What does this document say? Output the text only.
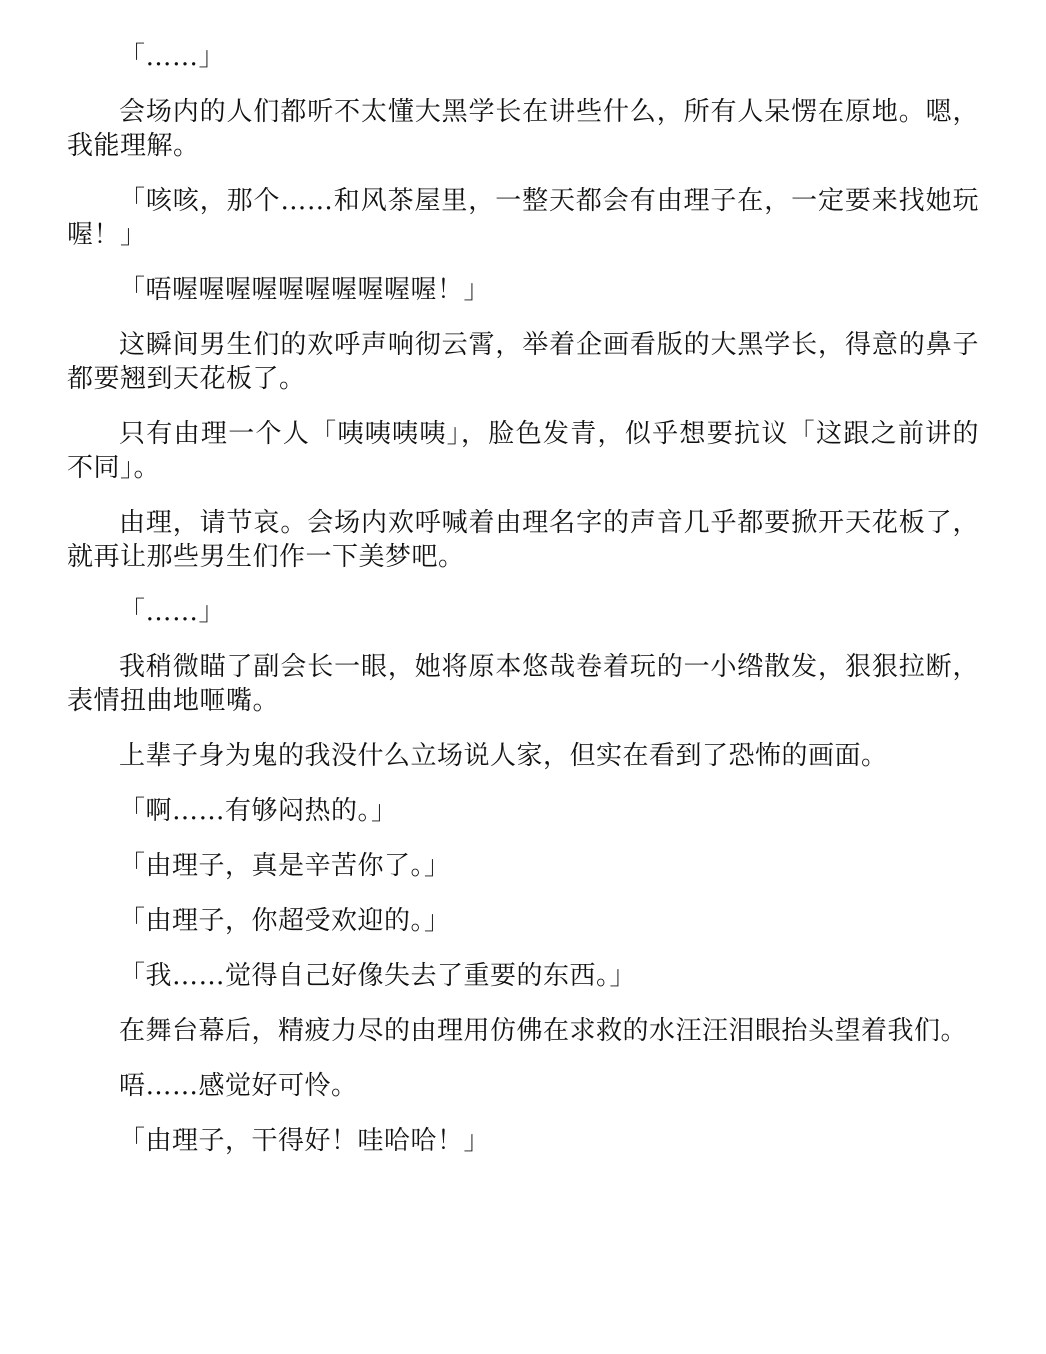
「……」

会场内的人们都听不太懂大黑学长在讲些什么，所有人呆愣在原地。嗯，我能理解。

「咳咳，那个……和风茶屋里，一整天都会有由理子在，一定要来找她玩喔！」

「唔喔喔喔喔喔喔喔喔喔喔！」

这瞬间男生们的欢呼声响彻云霄，举着企画看版的大黑学长，得意的鼻子都要翘到天花板了。

只有由理一个人「咦咦咦咦」，脸色发青，似乎想要抗议「这跟之前讲的不同」。

由理，请节哀。会场内欢呼喊着由理名字的声音几乎都要掀开天花板了，就再让那些男生们作一下美梦吧。

「……」

我稍微瞄了副会长一眼，她将原本悠哉卷着玩的一小绺散发，狠狠拉断，表情扭曲地咂嘴。

上辈子身为鬼的我没什么立场说人家，但实在看到了恐怖的画面。

「啊……有够闷热的。」

「由理子，真是辛苦你了。」

「由理子，你超受欢迎的。」

「我……觉得自己好像失去了重要的东西。」

在舞台幕后，精疲力尽的由理用仿佛在求救的水汪汪泪眼抬头望着我们。

唔……感觉好可怜。

「由理子，干得好！哇哈哈！」
